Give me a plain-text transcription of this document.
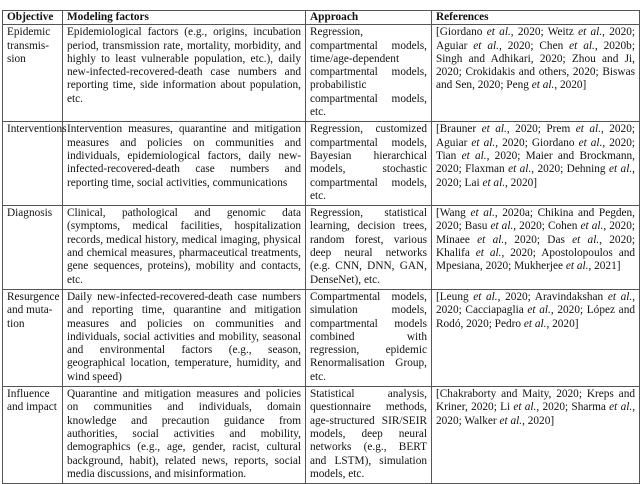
Objective	Modeling factors	Approach	References

Epidemic
transmis-
sion
	Epidemiological factors (e.g., origins, incubation period, transmission rate, mortality, morbidity, and highly to least vulnerable population, etc.), daily new-infected-recovered-death case numbers and reporting time, side information about population, etc.	Regression, compartmental models, time/age-dependent compartmental models, probabilistic compartmental models, etc.	[Giordano et al., 2020; Weitz et al., 2020; Aguiar et al., 2020; Chen et al., 2020b; Singh and Adhikari, 2020; Zhou and Ji, 2020; Crokidakis and others, 2020; Biswas and Sen, 2020; Peng et al., 2020]

Interventions	Intervention measures, quarantine and mitigation measures and policies on communities and individuals, epidemiological factors, daily new-infected-recovered-death case numbers and reporting time, social activities, communications	Regression, customized compartmental models, Bayesian hierarchical models, stochastic compartmental models, etc.	[Brauner et al., 2020; Prem et al., 2020; Aguiar et al., 2020; Giordano et al., 2020; Tian et al., 2020; Maier and Brockmann, 2020; Flaxman et al., 2020; Dehning et al., 2020; Lai et al., 2020]

Diagnosis	Clinical, pathological and genomic data (symptoms, medical facilities, hospitalization records, medical history, medical imaging, physical and chemical measures, pharmaceutical treatments, gene sequences, proteins), mobility and contacts, etc.	Regression, statistical learning, decision trees, random forest, various deep neural networks (e.g. CNN, DNN, GAN, DenseNet), etc.	[Wang et al., 2020a; Chikina and Pegden, 2020; Basu et al., 2020; Cohen et al., 2020; Minaee et al., 2020; Das et al., 2020; Khalifa et al., 2020; Apostolopoulos and Mpesiana, 2020; Mukherjee et al., 2021]

Resurgence
and muta-
tion
	Daily new-infected-recovered-death case numbers and reporting time, quarantine and mitigation measures and policies on communities and individuals, social activities and mobility, seasonal and environmental factors (e.g., season, geographical location, temperature, humidity, and wind speed)	Compartmental models, simulation models, compartmental models combined with regression, epidemic Renormalisation Group, etc.	[Leung et al., 2020; Aravindakshan et al., 2020; Cacciapaglia et al., 2020; López and Rodó, 2020; Pedro et al., 2020]

Influence
and impact	Quarantine and mitigation measures and policies on communities and individuals, domain knowledge and precaution guidance from authorities, social activities and mobility, demographics (e.g., age, gender, racist, cultural background, habit), related news, reports, social media discussions, and misinformation.	Statistical analysis, questionnaire methods, age-structured SIR/SEIR models, deep neural networks (e.g., BERT and LSTM), simulation models, etc.	[Chakraborty and Maity, 2020; Kreps and Kriner, 2020; Li et al., 2020; Sharma et al., 2020; Walker et al., 2020]
